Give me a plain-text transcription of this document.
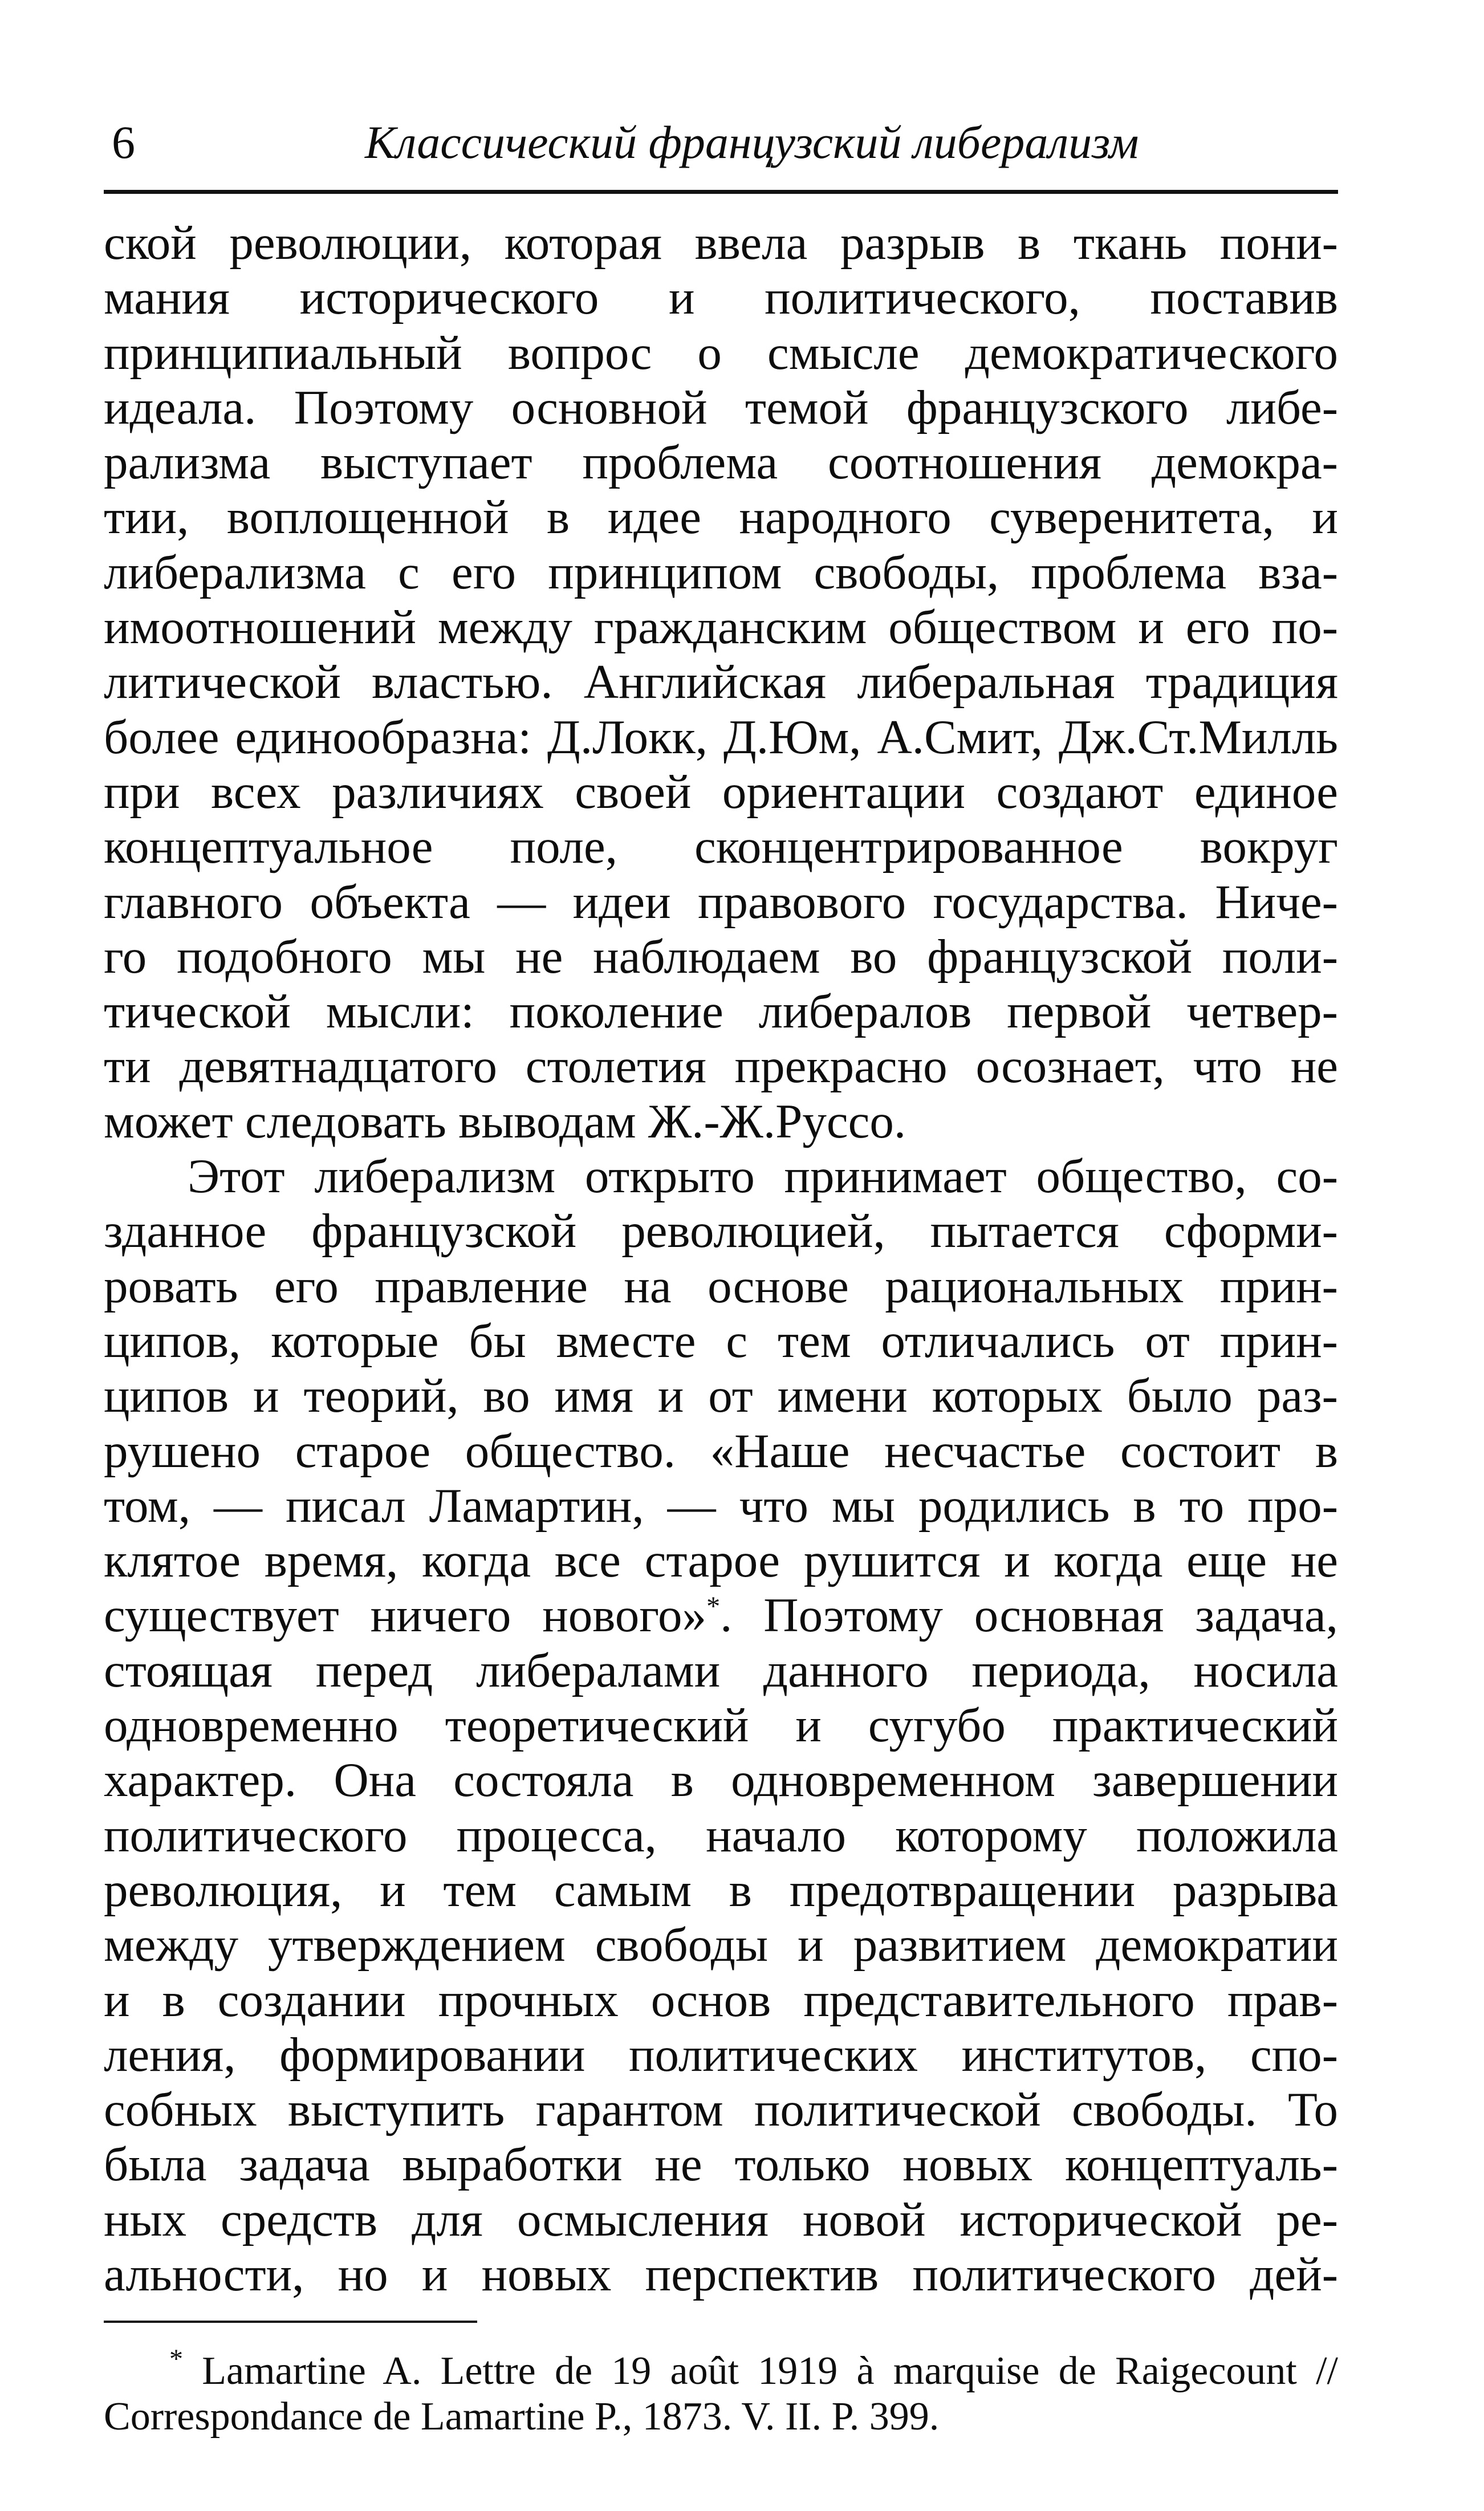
6	Классический французский либерализм
ской революции, которая ввела разрыв в ткань пони-
мания исторического и политического, поставив
принципиальный вопрос о смысле демократического
идеала. Поэтому основной темой французского либе-
рализма выступает проблема соотношения демокра-
тии, воплощенной в идее народного суверенитета, и
либерализма с его принципом свободы, проблема вза-
имоотношений между гражданским обществом и его по-
литической властью. Английская либеральная традиция
более единообразна: Д.Локк, Д.Юм, А.Смит, Дж.Ст.Милль
при всех различиях своей ориентации создают единое
концептуальное поле, сконцентрированное вокруг
главного объекта — идеи правового государства. Ниче-
го подобного мы не наблюдаем во французской поли-
тической мысли: поколение либералов первой четвер-
ти девятнадцатого столетия прекрасно осознает, что не
может следовать выводам Ж.-Ж.Руссо.
Этот либерализм открыто принимает общество, со-
зданное французской революцией, пытается сформи-
ровать его правление на основе рациональных прин-
ципов, которые бы вместе с тем отличались от прин-
ципов и теорий, во имя и от имени которых было раз-
рушено старое общество. «Наше несчастье состоит в
том, — писал Ламартин, — что мы родились в то про-
клятое время, когда все старое рушится и когда еще не
существует ничего нового»*. Поэтому основная задача,
стоящая перед либералами данного периода, носила
одновременно теоретический и сугубо практический
характер. Она состояла в одновременном завершении
политического процесса, начало которому положила
революция, и тем самым в предотвращении разрыва
между утверждением свободы и развитием демократии
и в создании прочных основ представительного прав-
ления, формировании политических институтов, спо-
собных выступить гарантом политической свободы. То
была задача выработки не только новых концептуаль-
ных средств для осмысления новой исторической ре-
альности, но и новых перспектив политического дей-
* Lamartine A. Lettre de 19 août 1919 à marquise de Raigecount //
Correspondance de Lamartine P., 1873. V. II. P. 399.
